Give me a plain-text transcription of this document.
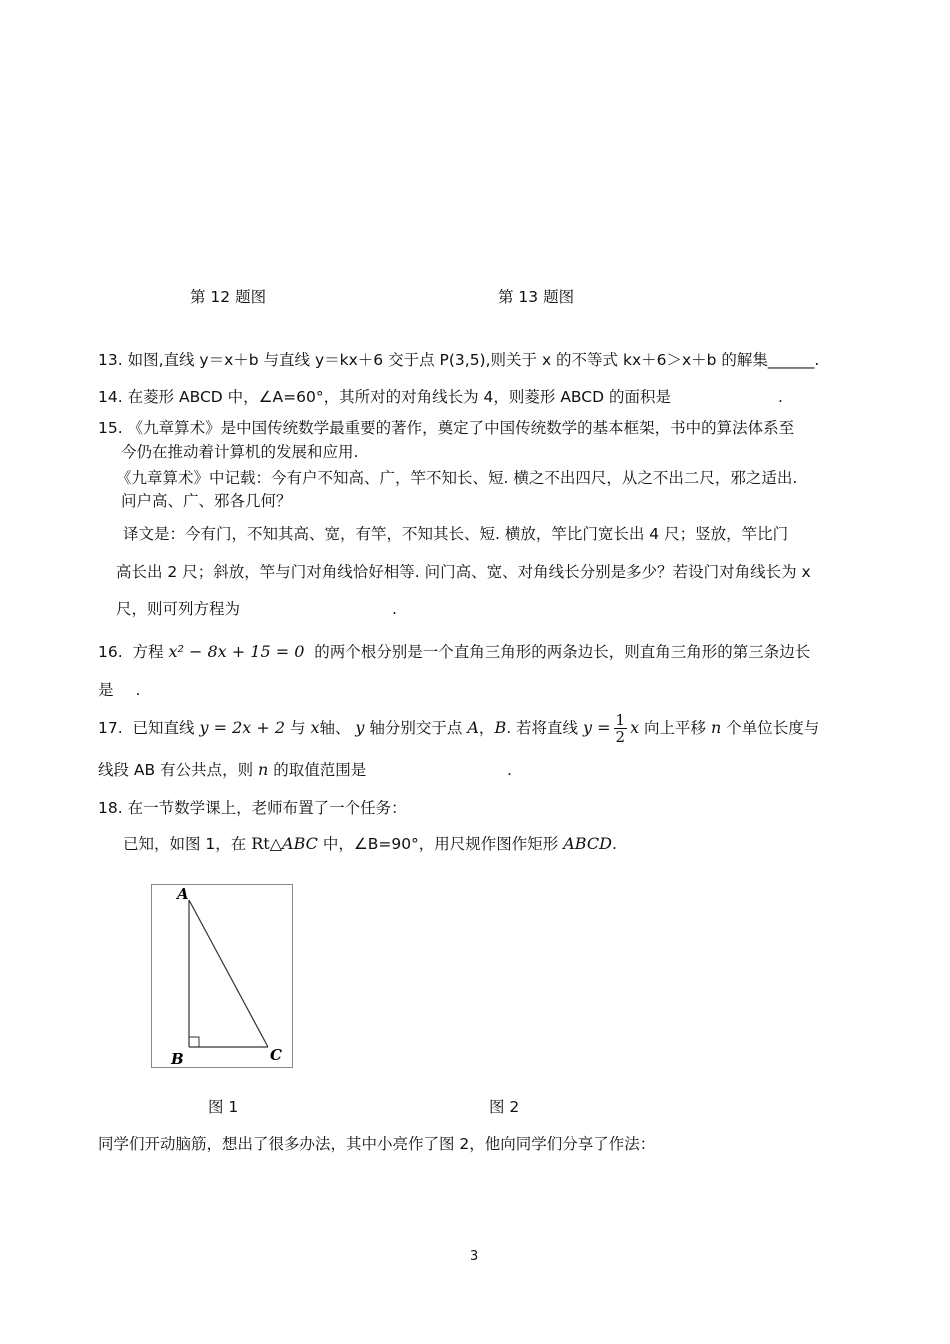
第 12 题图	第 13 题图
13. 如图,直线 y＝x＋b 与直线 y＝kx＋6 交于点 P(3,5),则关于 x 的不等式 kx＋6＞x＋b 的解集______.
14. 在菱形 ABCD 中，∠A=60°，其所对的对角线长为 4，则菱形 ABCD 的面积是	.
15. 《九章算术》是中国传统数学最重要的著作，奠定了中国传统数学的基本框架，书中的算法体系至
今仍在推动着计算机的发展和应用.
《九章算术》中记载：今有户不知高、广，竿不知长、短. 横之不出四尺，从之不出二尺，邪之适出.
问户高、广、邪各几何？
译文是：今有门，不知其高、宽，有竿，不知其长、短. 横放，竿比门宽长出 4 尺；竖放，竿比门
高长出 2 尺；斜放，竿与门对角线恰好相等. 问门高、宽、对角线长分别是多少？若设门对角线长为 x
尺，则可列方程为	.
16. 方程 x² − 8x + 15 = 0 的两个根分别是一个直角三角形的两条边长，则直角三角形的第三条边长
是 .
17. 已知直线 y = 2x + 2 与 x轴、 y 轴分别交于点 A，B. 若将直线 $y = \frac{1}{2}$ x 向上平移 n 个单位长度与
线段 AB 有公共点，则 n 的取值范围是	.
18. 在一节数学课上，老师布置了一个任务：
已知，如图 1，在 Rt△ABC 中，∠B=90°，用尺规作图作矩形 ABCD.
A
B	C
图 1	图 2
同学们开动脑筋，想出了很多办法，其中小亮作了图 2，他向同学们分享了作法：
3
